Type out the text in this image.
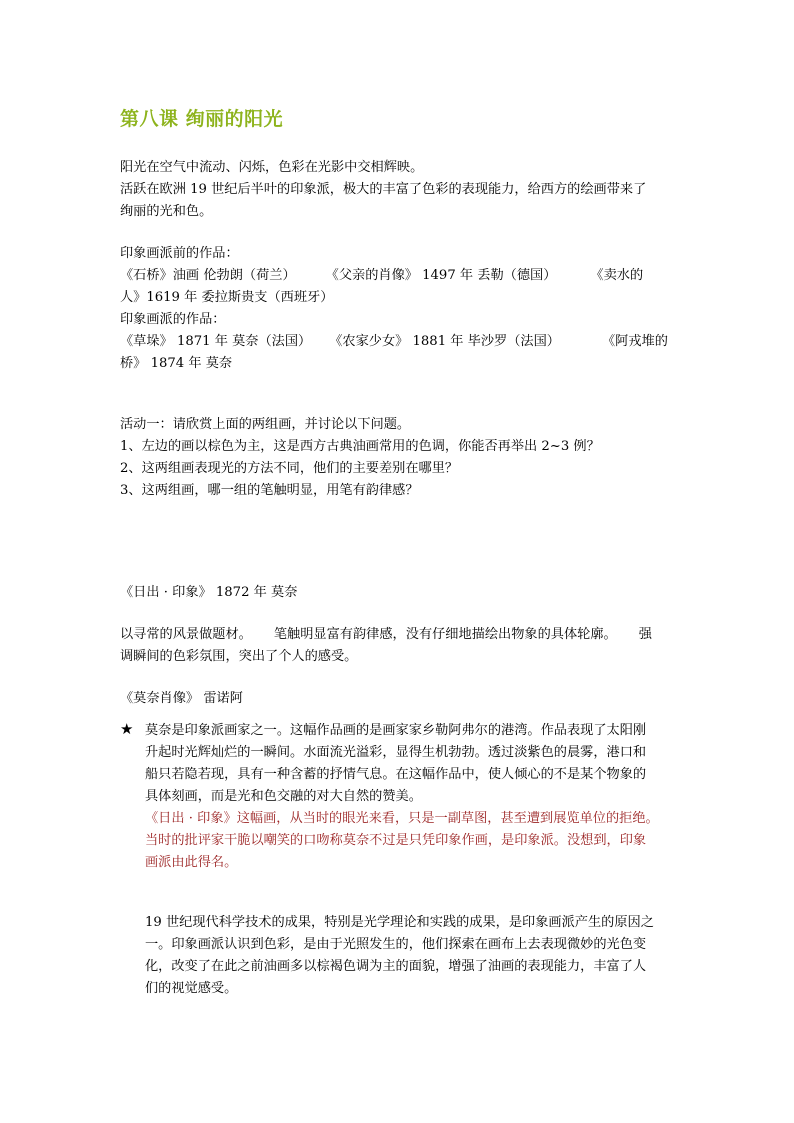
第八课 绚丽的阳光
阳光在空气中流动、闪烁，色彩在光影中交相辉映。
活跃在欧洲 19 世纪后半叶的印象派，极大的丰富了色彩的表现能力，给西方的绘画带来了
绚丽的光和色。
印象画派前的作品：
《石桥》油画 伦勃朗（荷兰） 《父亲的肖像》 1497 年 丢勒（德国）	《卖水的
人》1619 年 委拉斯贵支（西班牙）
印象画派的作品：
《草垛》 1871 年 莫奈（法国） 《农家少女》 1881 年 毕沙罗（法国）	《阿戎堆的
桥》 1874 年 莫奈
活动一：请欣赏上面的两组画，并讨论以下问题。
1、左边的画以棕色为主，这是西方古典油画常用的色调，你能否再举出 2~3 例？
2、这两组画表现光的方法不同，他们的主要差别在哪里？
3、这两组画，哪一组的笔触明显，用笔有韵律感？
《日出 · 印象》 1872 年 莫奈
以寻常的风景做题材。 笔触明显富有韵律感，没有仔细地描绘出物象的具体轮廓。 强
调瞬间的色彩氛围，突出了个人的感受。
《莫奈肖像》 雷诺阿
★ 莫奈是印象派画家之一。这幅作品画的是画家家乡勒阿弗尔的港湾。作品表现了太阳刚
升起时光辉灿烂的一瞬间。水面流光溢彩，显得生机勃勃。透过淡紫色的晨雾，港口和
船只若隐若现，具有一种含蓄的抒情气息。在这幅作品中，使人倾心的不是某个物象的
具体刻画，而是光和色交融的对大自然的赞美。
《日出 · 印象》这幅画，从当时的眼光来看，只是一副草图，甚至遭到展览单位的拒绝。
当时的批评家干脆以嘲笑的口吻称莫奈不过是只凭印象作画，是印象派。没想到，印象
画派由此得名。
19 世纪现代科学技术的成果，特别是光学理论和实践的成果，是印象画派产生的原因之
一。印象画派认识到色彩，是由于光照发生的，他们探索在画布上去表现微妙的光色变
化，改变了在此之前油画多以棕褐色调为主的面貌，增强了油画的表现能力，丰富了人
们的视觉感受。
